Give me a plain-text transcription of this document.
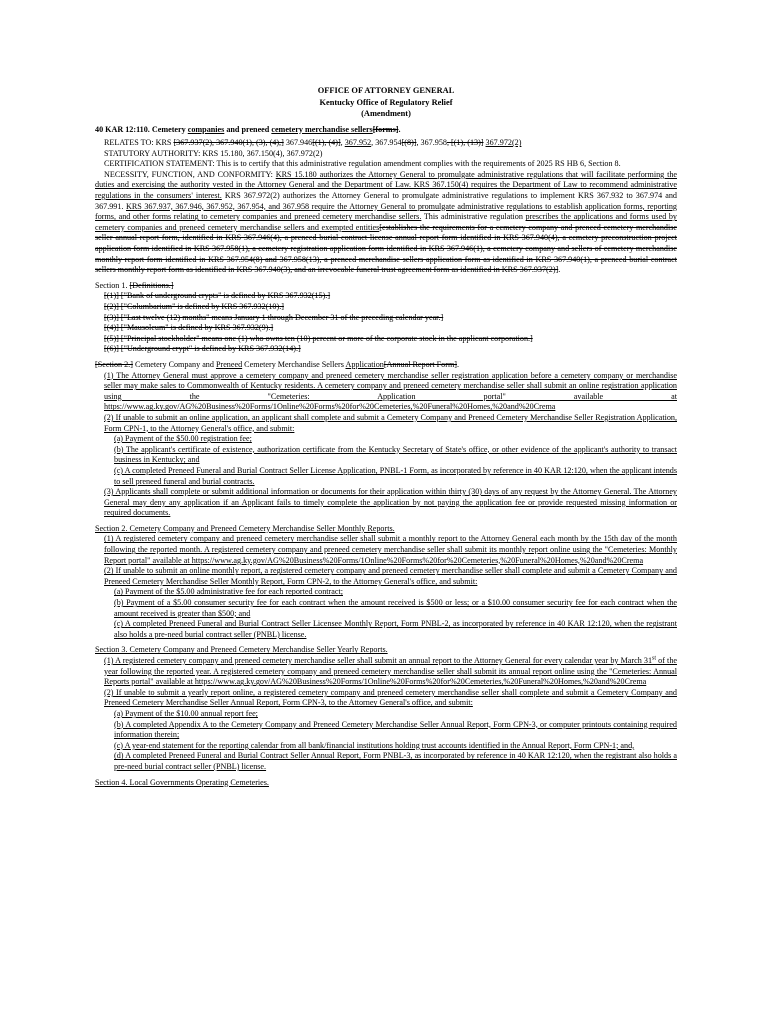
OFFICE OF ATTORNEY GENERAL
Kentucky Office of Regulatory Relief
(Amendment)
40 KAR 12:110. Cemetery companies and preneed cemetery merchandise sellers[forms].

RELATES TO: KRS [367.937(2), 367.940(1), (3), (4),] 367.946[(1), (4)], 367.952, 367.954[(8)], 367.958, [(1), (13)] 367.972(2)

STATUTORY AUTHORITY: KRS 15.180, 367.150(4), 367.972(2)

CERTIFICATION STATEMENT: This is to certify that this administrative regulation amendment complies with the requirements of 2025 RS HB 6, Section 8.

NECESSITY, FUNCTION, AND CONFORMITY: KRS 15.180 authorizes the Attorney General to promulgate administrative regulations that will facilitate performing the duties and exercising the authority vested in the Attorney General and the Department of Law. KRS 367.150(4) requires the Department of Law to recommend administrative regulations in the consumers' interest. KRS 367.972(2) authorizes the Attorney General to promulgate administrative regulations to implement KRS 367.932 to 367.974 and 367.991. KRS 367.937, 367.946, 367.952, 367.954, and 367.958 require the Attorney General to promulgate administrative regulations to establish application forms, reporting forms, and other forms relating to cemetery companies and preneed cemetery merchandise sellers. This administrative regulation prescribes the applications and forms used by cemetery companies and preneed cemetery merchandise sellers and exempted entities[establishes the requirements for a cemetery company and preneed cemetery merchandise seller annual report form, identified in KRS 367.946(4), a preneed burial contract license annual report form identified in KRS 367.940(4), a cemetery preconstruction project application form identified in KRS 367.958(1), a cemetery registration application form identified in KRS 367.946(1), a cemetery company and sellers of cemetery merchandise monthly report form identified in KRS 367.954(8) and 367.958(13), a preneed merchandise sellers application form as identified in KRS 367.940(1), a preneed burial contract sellers monthly report form as identified in KRS 367.940(3), and an irrevocable funeral trust agreement form as identified in KRS 367.937(2)].

Section 1. [Definitions.]

[(1)] ["Bank of underground crypts" is defined by KRS 367.932(15).]

[(2)] ["Columbarium" is defined by KRS 367.932(10).]

[(3)] ["Last twelve (12) months" means January 1 through December 31 of the preceding calendar year.]

[(4)] ["Mausoleum" is defined by KRS 367.932(9).]

[(5)] ["Principal stockholder" means one (1) who owns ten (10) percent or more of the corporate stock in the applicant corporation.]

[(6)] ["Underground crypt" is defined by KRS 367.932(14).]

[Section 2.] Cemetery Company and Preneed Cemetery Merchandise Sellers Application[Annual Report Form].

(1) The Attorney General must approve a cemetery company and preneed cemetery merchandise seller registration application before a cemetery company or merchandise seller may make sales to Commonwealth of Kentucky residents. A cemetery company and preneed cemetery merchandise seller shall submit an online registration application using the "Cemeteries: Application portal" available at https://www.ag.ky.gov/AG%20Business%20Forms/1Online%20Forms%20for%20Cemeteries,%20Funeral%20Homes,%20and%20Crema

(2) If unable to submit an online application, an applicant shall complete and submit a Cemetery Company and Preneed Cemetery Merchandise Seller Registration Application, Form CPN-1, to the Attorney General's office, and submit:

(a) Payment of the $50.00 registration fee;

(b) The applicant's certificate of existence, authorization certificate from the Kentucky Secretary of State's office, or other evidence of the applicant's authority to transact business in Kentucky; and

(c) A completed Preneed Funeral and Burial Contract Seller License Application, PNBL-1 Form, as incorporated by reference in 40 KAR 12:120, when the applicant intends to sell preneed funeral and burial contracts.

(3) Applicants shall complete or submit additional information or documents for their application within thirty (30) days of any request by the Attorney General. The Attorney General may deny any application if an Applicant fails to timely complete the application by not paying the application fee or provide requested missing information or required documents.

Section 2. Cemetery Company and Preneed Cemetery Merchandise Seller Monthly Reports.

(1) A registered cemetery company and preneed cemetery merchandise seller shall submit a monthly report to the Attorney General each month by the 15th day of the month following the reported month. A registered cemetery company and preneed cemetery merchandise seller shall submit its monthly report online using the "Cemeteries: Monthly Report portal" available at https://www.ag.ky.gov/AG%20Business%20Forms/1Online%20Forms%20for%20Cemeteries,%20Funeral%20Homes,%20and%20Crema

(2) If unable to submit an online monthly report, a registered cemetery company and preneed cemetery merchandise seller shall complete and submit a Cemetery Company and Preneed Cemetery Merchandise Seller Monthly Report, Form CPN-2, to the Attorney General's office, and submit:

(a) Payment of the $5.00 administrative fee for each reported contract;

(b) Payment of a $5.00 consumer security fee for each contract when the amount received is $500 or less; or a $10.00 consumer security fee for each contract when the amount received is greater than $500; and

(c) A completed Preneed Funeral and Burial Contract Seller Licensee Monthly Report, Form PNBL-2, as incorporated by reference in 40 KAR 12:120, when the registrant also holds a pre-need burial contract seller (PNBL) license.

Section 3. Cemetery Company and Preneed Cemetery Merchandise Seller Yearly Reports.

(1) A registered cemetery company and preneed cemetery merchandise seller shall submit an annual report to the Attorney General for every calendar year by March 31st of the year following the reported year. A registered cemetery company and preneed cemetery merchandise seller shall submit its annual report online using the "Cemeteries: Annual Reports portal" available at https://www.ag.ky.gov/AG%20Business%20Forms/1Online%20Forms%20for%20Cemeteries,%20Funeral%20Homes,%20and%20Crema

(2) If unable to submit a yearly report online, a registered cemetery company and preneed cemetery merchandise seller shall complete and submit a Cemetery Company and Preneed Cemetery Merchandise Seller Annual Report, Form CPN-3, to the Attorney General's office, and submit:

(a) Payment of the $10.00 annual report fee;

(b) A completed Appendix A to the Cemetery Company and Preneed Cemetery Merchandise Seller Annual Report, Form CPN-3, or computer printouts containing required information therein;

(c) A year-end statement for the reporting calendar from all bank/financial institutions holding trust accounts identified in the Annual Report, Form CPN-1; and,

(d) A completed Preneed Funeral and Burial Contract Seller Annual Report, Form PNBL-3, as incorporated by reference in 40 KAR 12:120, when the registrant also holds a pre-need burial contract seller (PNBL) license.

Section 4. Local Governments Operating Cemeteries.
